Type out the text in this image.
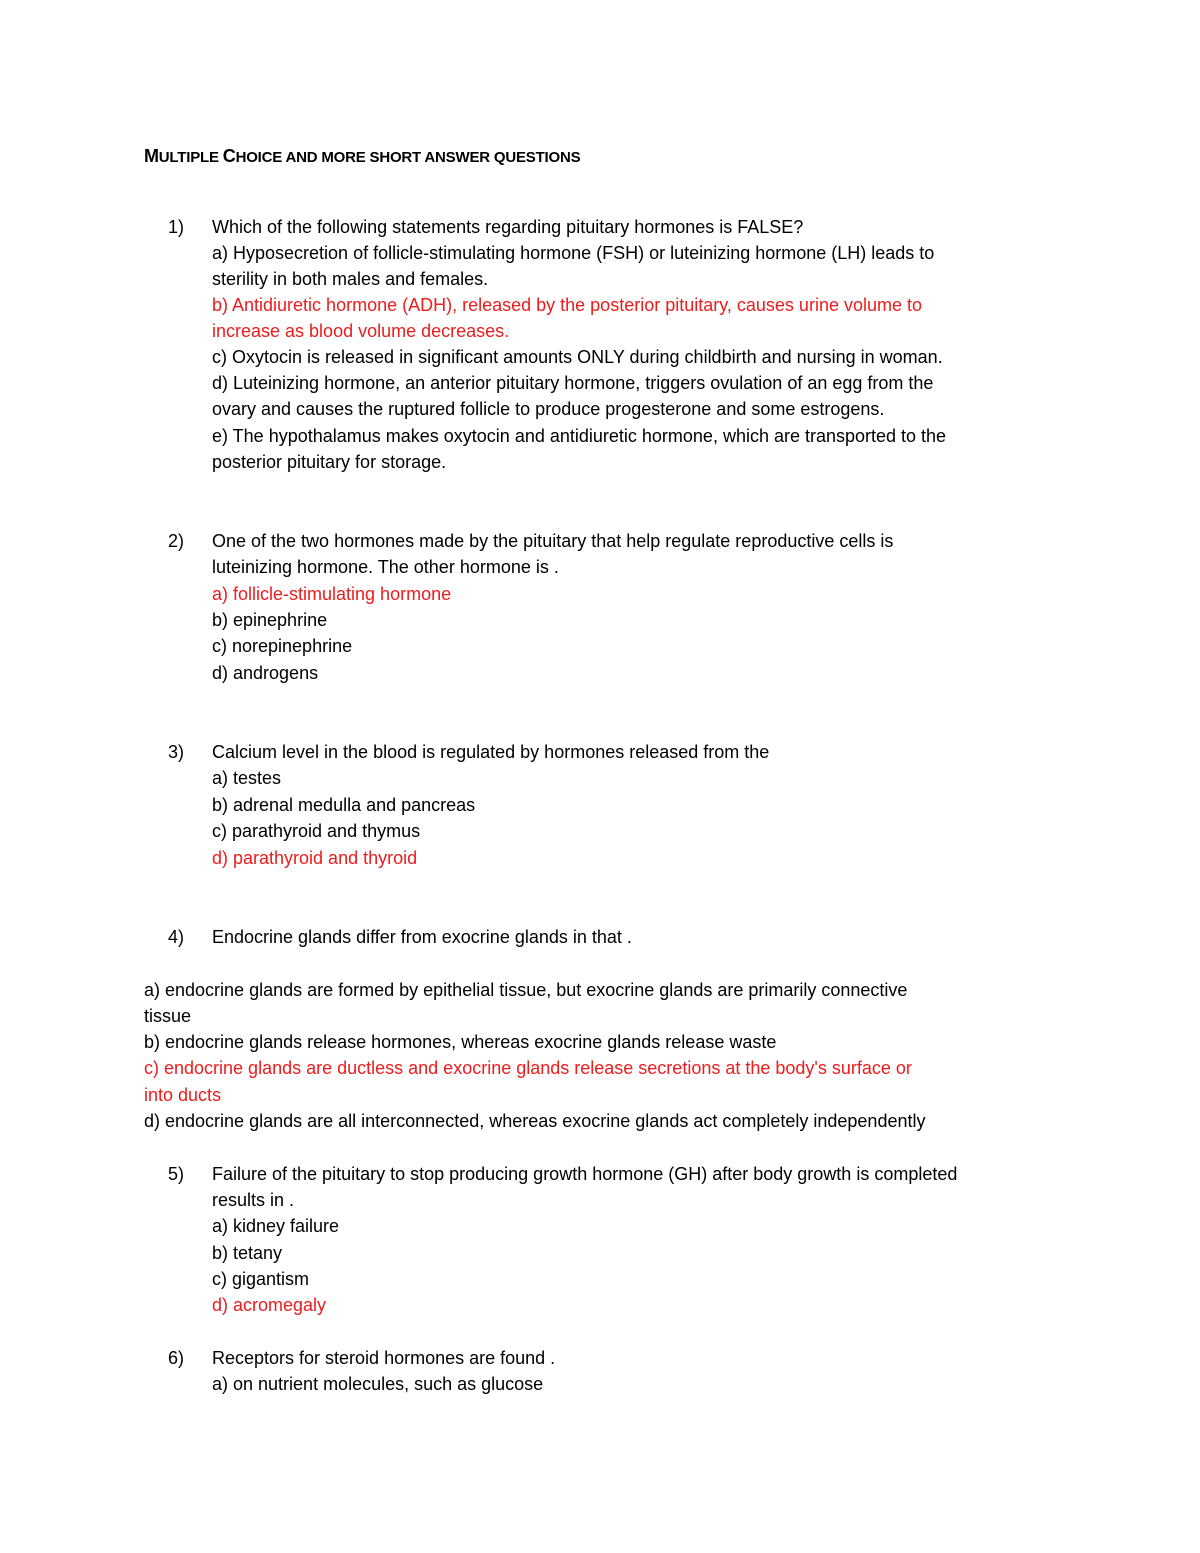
MULTIPLE CHOICE AND MORE SHORT ANSWER QUESTIONS
1) Which of the following statements regarding pituitary hormones is FALSE?
a) Hyposecretion of follicle-stimulating hormone (FSH) or luteinizing hormone (LH) leads to
sterility in both males and females.
b) Antidiuretic hormone (ADH), released by the posterior pituitary, causes urine volume to
increase as blood volume decreases.
c) Oxytocin is released in significant amounts ONLY during childbirth and nursing in woman.
d) Luteinizing hormone, an anterior pituitary hormone, triggers ovulation of an egg from the
ovary and causes the ruptured follicle to produce progesterone and some estrogens.
e) The hypothalamus makes oxytocin and antidiuretic hormone, which are transported to the
posterior pituitary for storage.
2) One of the two hormones made by the pituitary that help regulate reproductive cells is
luteinizing hormone. The other hormone is .
a) follicle-stimulating hormone
b) epinephrine
c) norepinephrine
d) androgens
3) Calcium level in the blood is regulated by hormones released from the
a) testes
b) adrenal medulla and pancreas
c) parathyroid and thymus
d) parathyroid and thyroid
4) Endocrine glands differ from exocrine glands in that .
a) endocrine glands are formed by epithelial tissue, but exocrine glands are primarily connective
tissue
b) endocrine glands release hormones, whereas exocrine glands release waste
c) endocrine glands are ductless and exocrine glands release secretions at the body's surface or
into ducts
d) endocrine glands are all interconnected, whereas exocrine glands act completely independently
5) Failure of the pituitary to stop producing growth hormone (GH) after body growth is completed
results in .
a) kidney failure
b) tetany
c) gigantism
d) acromegaly
6) Receptors for steroid hormones are found .
a) on nutrient molecules, such as glucose
